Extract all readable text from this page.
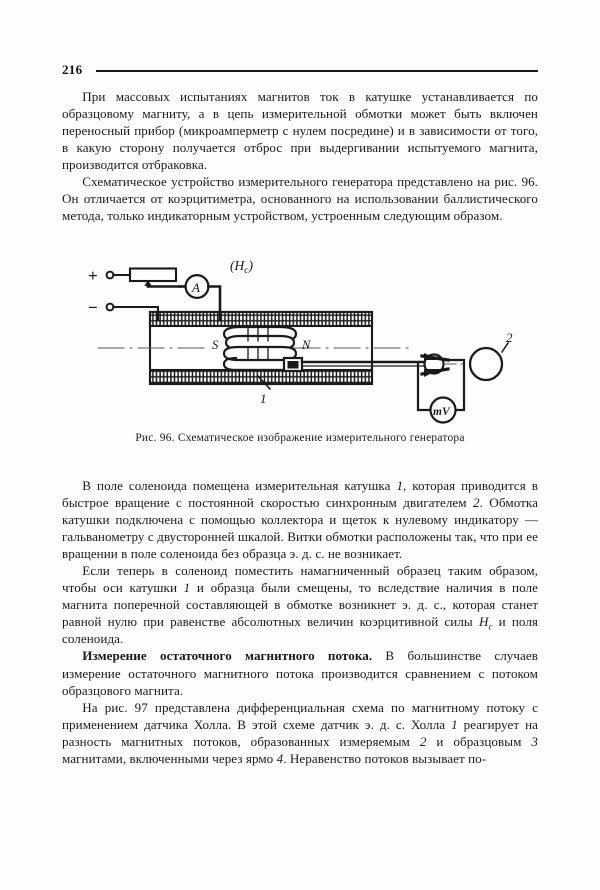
216

При массовых испытаниях магнитов ток в катушке устанавливается по образцовому магниту, а в цепь измерительной обмотки может быть включен переносный прибор (микроамперметр с нулем посредине) и в зависимости от того, в какую сторону получается отброс при выдергивании испытуемого магнита, производится отбраковка.

Схематическое устройство измерительного генератора представлено на рис. 96. Он отличается от коэрцитиметра, основанного на использовании баллистического метода, только индикаторным устройством, устроенным следующим образом.

+
−
A
$(H_c)$
S	N
1
2
mV
Рис. 96. Схематическое изображение измерительного генератора

В поле соленоида помещена измерительная катушка 1, которая приводится в быстрое вращение с постоянной скоростью синхронным двигателем 2. Обмотка катушки подключена с помощью коллектора и щеток к нулевому индикатору — гальванометру с двусторонней шкалой. Витки обмотки расположены так, что при ее вращении в поле соленоида без образца э. д. с. не возникает.

Если теперь в соленоид поместить намагниченный образец таким образом, чтобы оси катушки 1 и образца были смещены, то вследствие наличия в поле магнита поперечной составляющей в обмотке возникнет э. д. с., которая станет равной нулю при равенстве абсолютных величин коэрцитивной силы $H_c$ и поля соленоида.

Измерение остаточного магнитного потока. В большинстве случаев измерение остаточного магнитного потока производится сравнением с потоком образцового магнита.

На рис. 97 представлена дифференциальная схема по магнитному потоку с применением датчика Холла. В этой схеме датчик э. д. с. Холла 1 реагирует на разность магнитных потоков, образованных измеряемым 2 и образцовым 3 магнитами, включенными через ярмо 4. Неравенство потоков вызывает по-
